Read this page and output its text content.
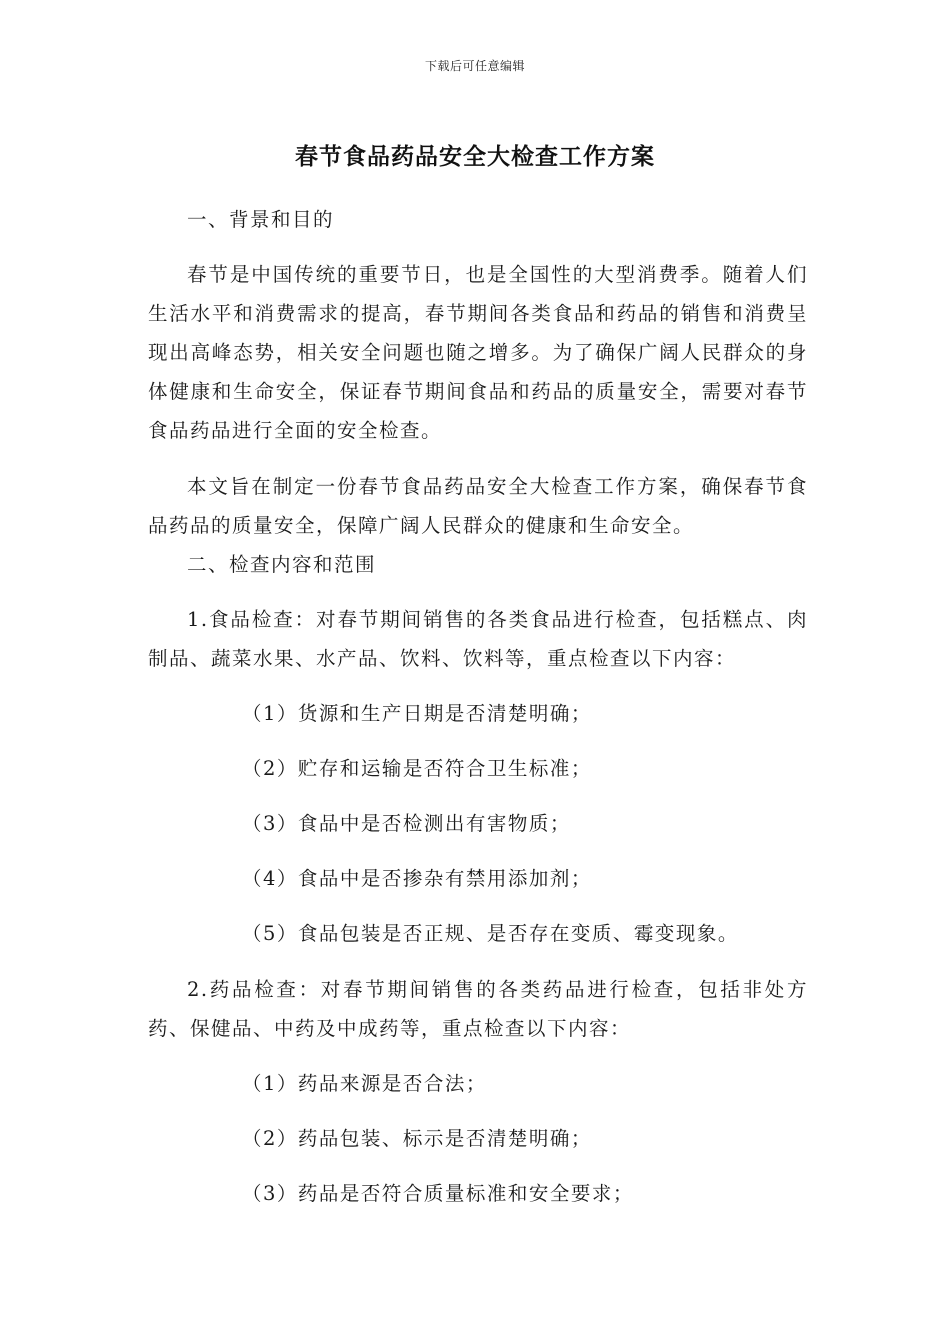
下载后可任意编辑
春节食品药品安全大检查工作方案

一、背景和目的

春节是中国传统的重要节日，也是全国性的大型消费季。随着人们生活水平和消费需求的提高，春节期间各类食品和药品的销售和消费呈现出高峰态势，相关安全问题也随之增多。为了确保广阔人民群众的身体健康和生命安全，保证春节期间食品和药品的质量安全，需要对春节食品药品进行全面的安全检查。

本文旨在制定一份春节食品药品安全大检查工作方案，确保春节食品药品的质量安全，保障广阔人民群众的健康和生命安全。

二、检查内容和范围

1.食品检查：对春节期间销售的各类食品进行检查，包括糕点、肉制品、蔬菜水果、水产品、饮料、饮料等，重点检查以下内容：

（1）货源和生产日期是否清楚明确；

（2）贮存和运输是否符合卫生标准；

（3）食品中是否检测出有害物质；

（4）食品中是否掺杂有禁用添加剂；

（5）食品包装是否正规、是否存在变质、霉变现象。

2.药品检查：对春节期间销售的各类药品进行检查，包括非处方药、保健品、中药及中成药等，重点检查以下内容：

（1）药品来源是否合法；

（2）药品包装、标示是否清楚明确；

（3）药品是否符合质量标准和安全要求；
